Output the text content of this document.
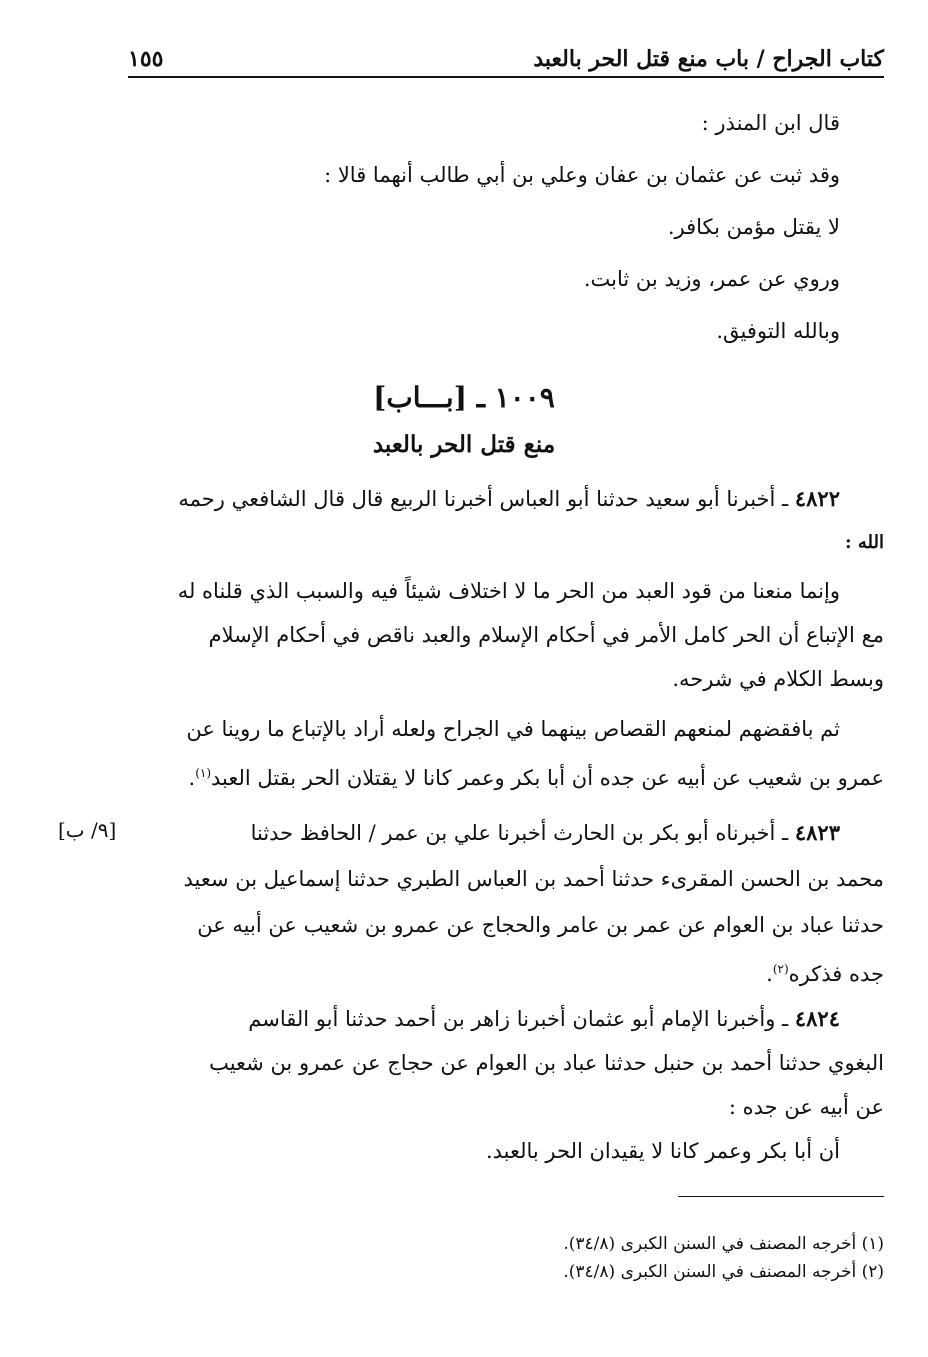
كتاب الجراح / باب منع قتل الحر بالعبد
١٥٥
قال ابن المنذر :
وقد ثبت عن عثمان بن عفان وعلي بن أبي طالب أنهما قالا :
لا يقتل مؤمن بكافر.
وروي عن عمر، وزيد بن ثابت.
وبالله التوفيق.
١٠٠٩ ـ [بـــاب]
منع قتل الحر بالعبد
٤٨٢٢ ـ أخبرنا أبو سعيد حدثنا أبو العباس أخبرنا الربيع قال قال الشافعي رحمه
الله :
وإنما منعنا من قود العبد من الحر ما لا اختلاف شيئاً فيه والسبب الذي قلناه له
مع الإتباع أن الحر كامل الأمر في أحكام الإسلام والعبد ناقص في أحكام الإسلام
وبسط الكلام في شرحه.
ثم بافقضهم لمنعهم القصاص بينهما في الجراح ولعله أراد بالإتباع ما روينا عن
عمرو بن شعيب عن أبيه عن جده أن أبا بكر وعمر كانا لا يقتلان الحر بقتل العبد$^{(١)}$.
٤٨٢٣ ـ أخبرناه أبو بكر بن الحارث أخبرنا علي بن عمر / الحافظ حدثنا
[٩/ ب]
محمد بن الحسن المقرىء حدثنا أحمد بن العباس الطبري حدثنا إسماعيل بن سعيد
حدثنا عباد بن العوام عن عمر بن عامر والحجاج عن عمرو بن شعيب عن أبيه عن
جده فذكره$^{(٢)}$.
٤٨٢٤ ـ وأخبرنا الإمام أبو عثمان أخبرنا زاهر بن أحمد حدثنا أبو القاسم
البغوي حدثنا أحمد بن حنبل حدثنا عباد بن العوام عن حجاج عن عمرو بن شعيب
عن أبيه عن جده :
أن أبا بكر وعمر كانا لا يقيدان الحر بالعبد.
(١) أخرجه المصنف في السنن الكبرى (٣٤/٨).
(٢) أخرجه المصنف في السنن الكبرى (٣٤/٨).
